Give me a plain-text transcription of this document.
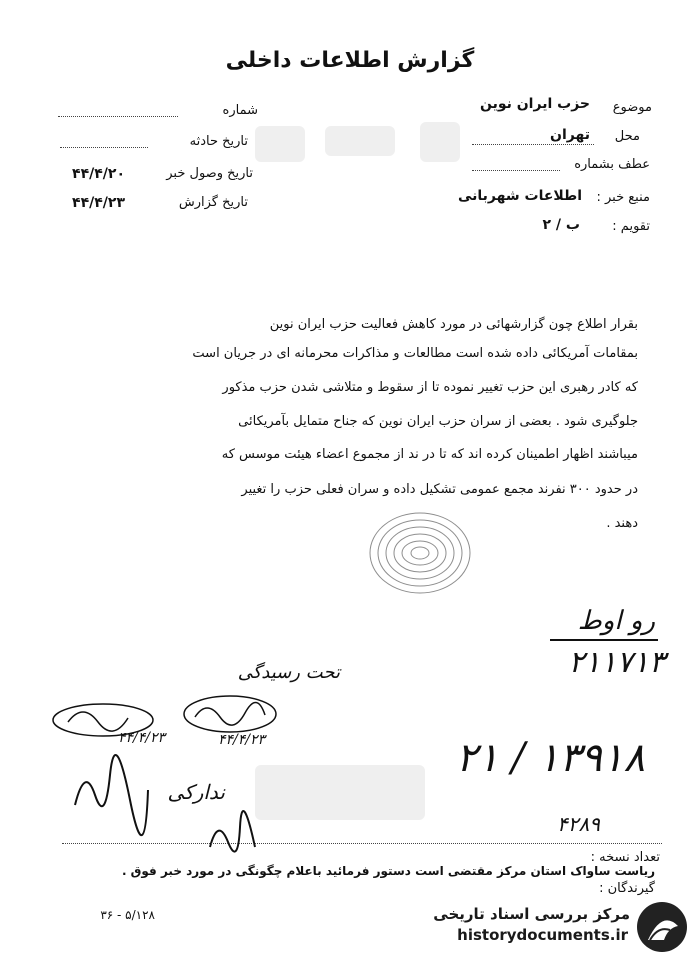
گزارش اطلاعات داخلی
شماره
تاریخ حادثه
تاریخ وصول خبر
۴۴/۴/۲۰
تاریخ گزارش
۴۴/۴/۲۳
موضوع
حزب ایران نوین
محل
تهران
عطف بشماره
منبع خبر :
اطلاعات شهربانی
تقویم :
ب / ۲
بقرار اطلاع چون گزارشهائی در مورد کاهش فعالیت حزب ایران نوین
بمقامات آمریکائی داده شده است مطالعات و مذاکرات محرمانه ای در جریان است
که کادر رهبری این حزب تغییر نموده تا از سقوط و متلاشی شدن حزب مذکور
جلوگیری شود . بعضی از سران حزب ایران نوین که جناح متمایل بآمریکائی
میباشند اظهار اطمینان کرده اند که تا در ند از مجموع اعضاء هیئت موسس که
در حدود ۳۰۰ نفرند مجمع عمومی تشکیل داده و سران فعلی حزب را تغییر
دهند .
رو اوط
۲۱۱۷۱۳
تحت رسیدگی
۴۴/۴/۲۳	۴۴/۴/۲۳
ندارکی
۲۱ / ۱۳۹۱۸
۴۲۸۹
تعداد نسخه :
ریاست ساواک استان مرکز مقتضی است دستور فرمائید باعلام چگونگی در مورد خبر فوق .
گیرندگان :
۳۶ - ۵/۱۲۸	مرکز بررسی اسناد تاریخی
historydocuments.ir
